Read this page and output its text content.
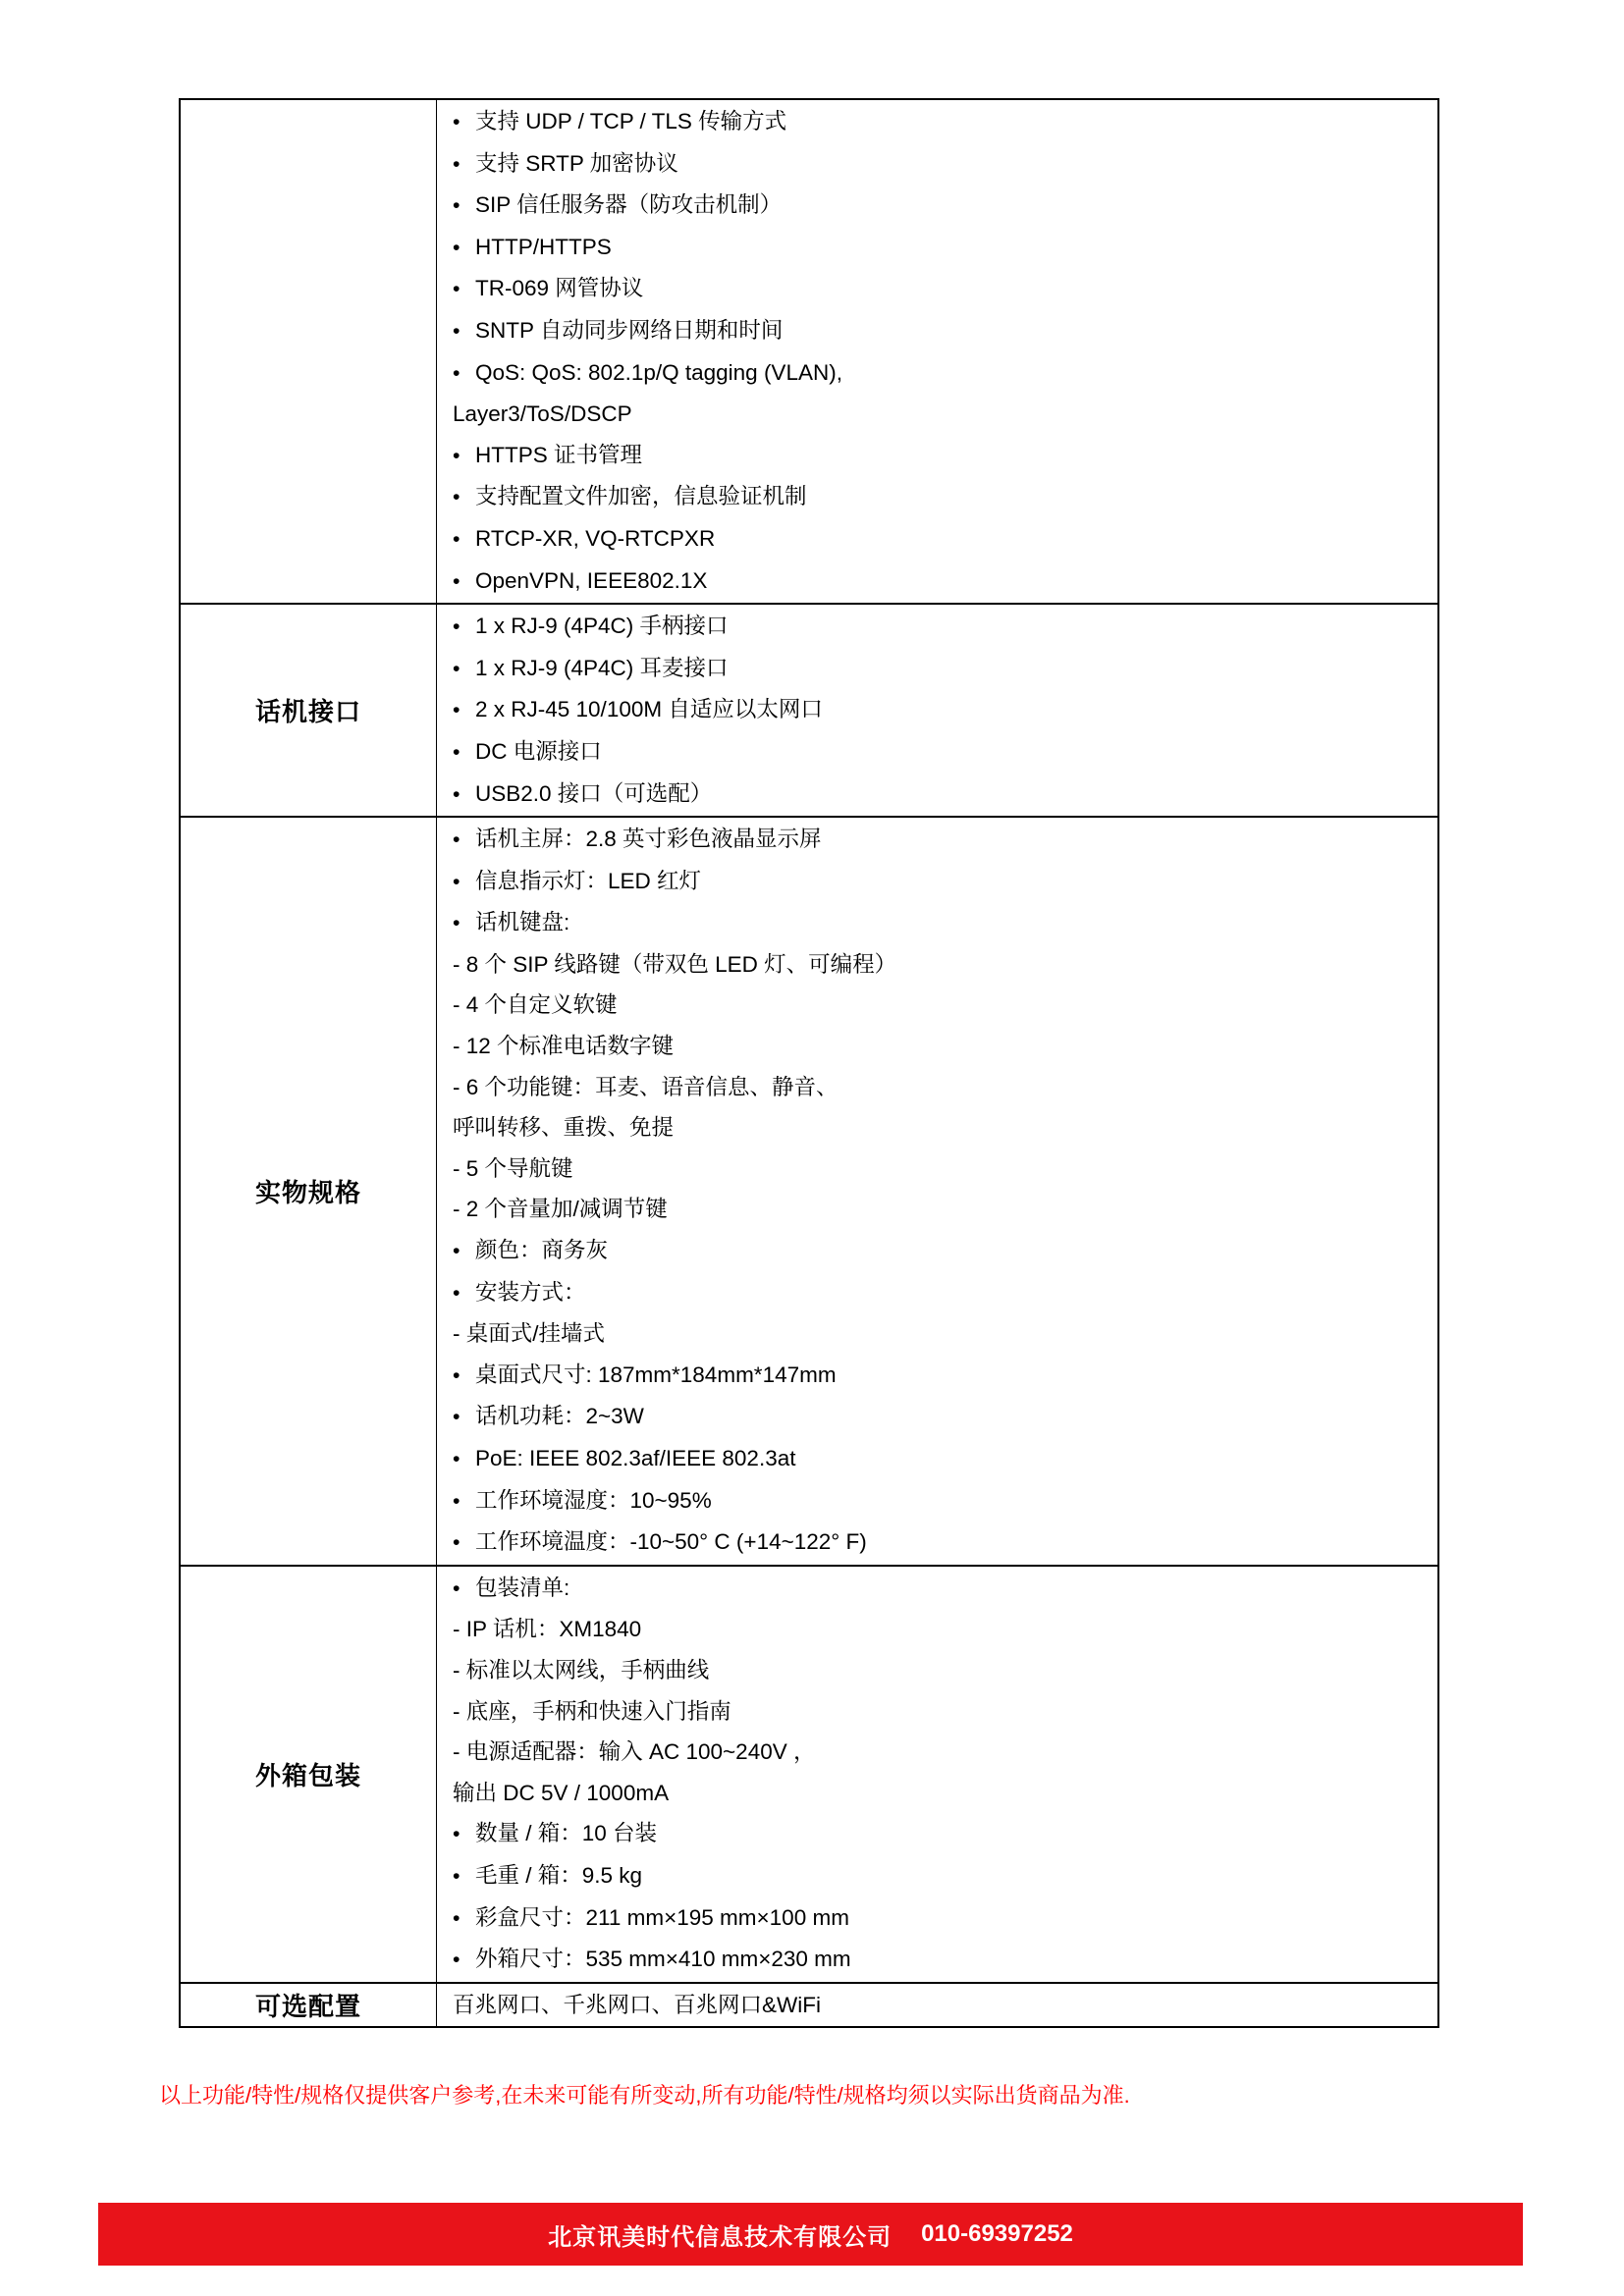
• 支持 UDP / TCP / TLS 传输方式
• 支持 SRTP 加密协议
• SIP 信任服务器（防攻击机制）
• HTTP/HTTPS
• TR-069 网管协议
• SNTP 自动同步网络日期和时间
• QoS: QoS: 802.1p/Q tagging (VLAN),
Layer3/ToS/DSCP
• HTTPS 证书管理
• 支持配置文件加密，信息验证机制
• RTCP-XR, VQ-RTCPXR
• OpenVPN, IEEE802.1X
话机接口
• 1 x RJ-9 (4P4C) 手柄接口
• 1 x RJ-9 (4P4C) 耳麦接口
• 2 x RJ-45 10/100M 自适应以太网口
• DC 电源接口
• USB2.0 接口（可选配）
实物规格
• 话机主屏：2.8 英寸彩色液晶显示屏
• 信息指示灯：LED 红灯
• 话机键盘:
- 8 个 SIP 线路键（带双色 LED 灯、可编程）
- 4 个自定义软键
- 12 个标准电话数字键
- 6 个功能键：耳麦、语音信息、静音、
呼叫转移、重拨、免提
- 5 个导航键
- 2 个音量加/减调节键
• 颜色：商务灰
• 安装方式：
- 桌面式/挂墙式
• 桌面式尺寸: 187mm*184mm*147mm
• 话机功耗：2~3W
• PoE: IEEE 802.3af/IEEE 802.3at
• 工作环境湿度：10~95%
• 工作环境温度：-10~50° C (+14~122° F)
外箱包装
• 包装清单:
- IP 话机：XM1840
- 标准以太网线，手柄曲线
- 底座，手柄和快速入门指南
- 电源适配器：输入 AC 100~240V ，
输出 DC 5V / 1000mA
• 数量 / 箱：10 台装
• 毛重 / 箱：9.5 kg
• 彩盒尺寸：211 mm×195 mm×100 mm
• 外箱尺寸：535 mm×410 mm×230 mm
可选配置	百兆网口、千兆网口、百兆网口&WiFi
以上功能/特性/规格仅提供客户参考,在未来可能有所变动,所有功能/特性/规格均须以实际出货商品为准.
北京讯美时代信息技术有限公司 010-69397252
